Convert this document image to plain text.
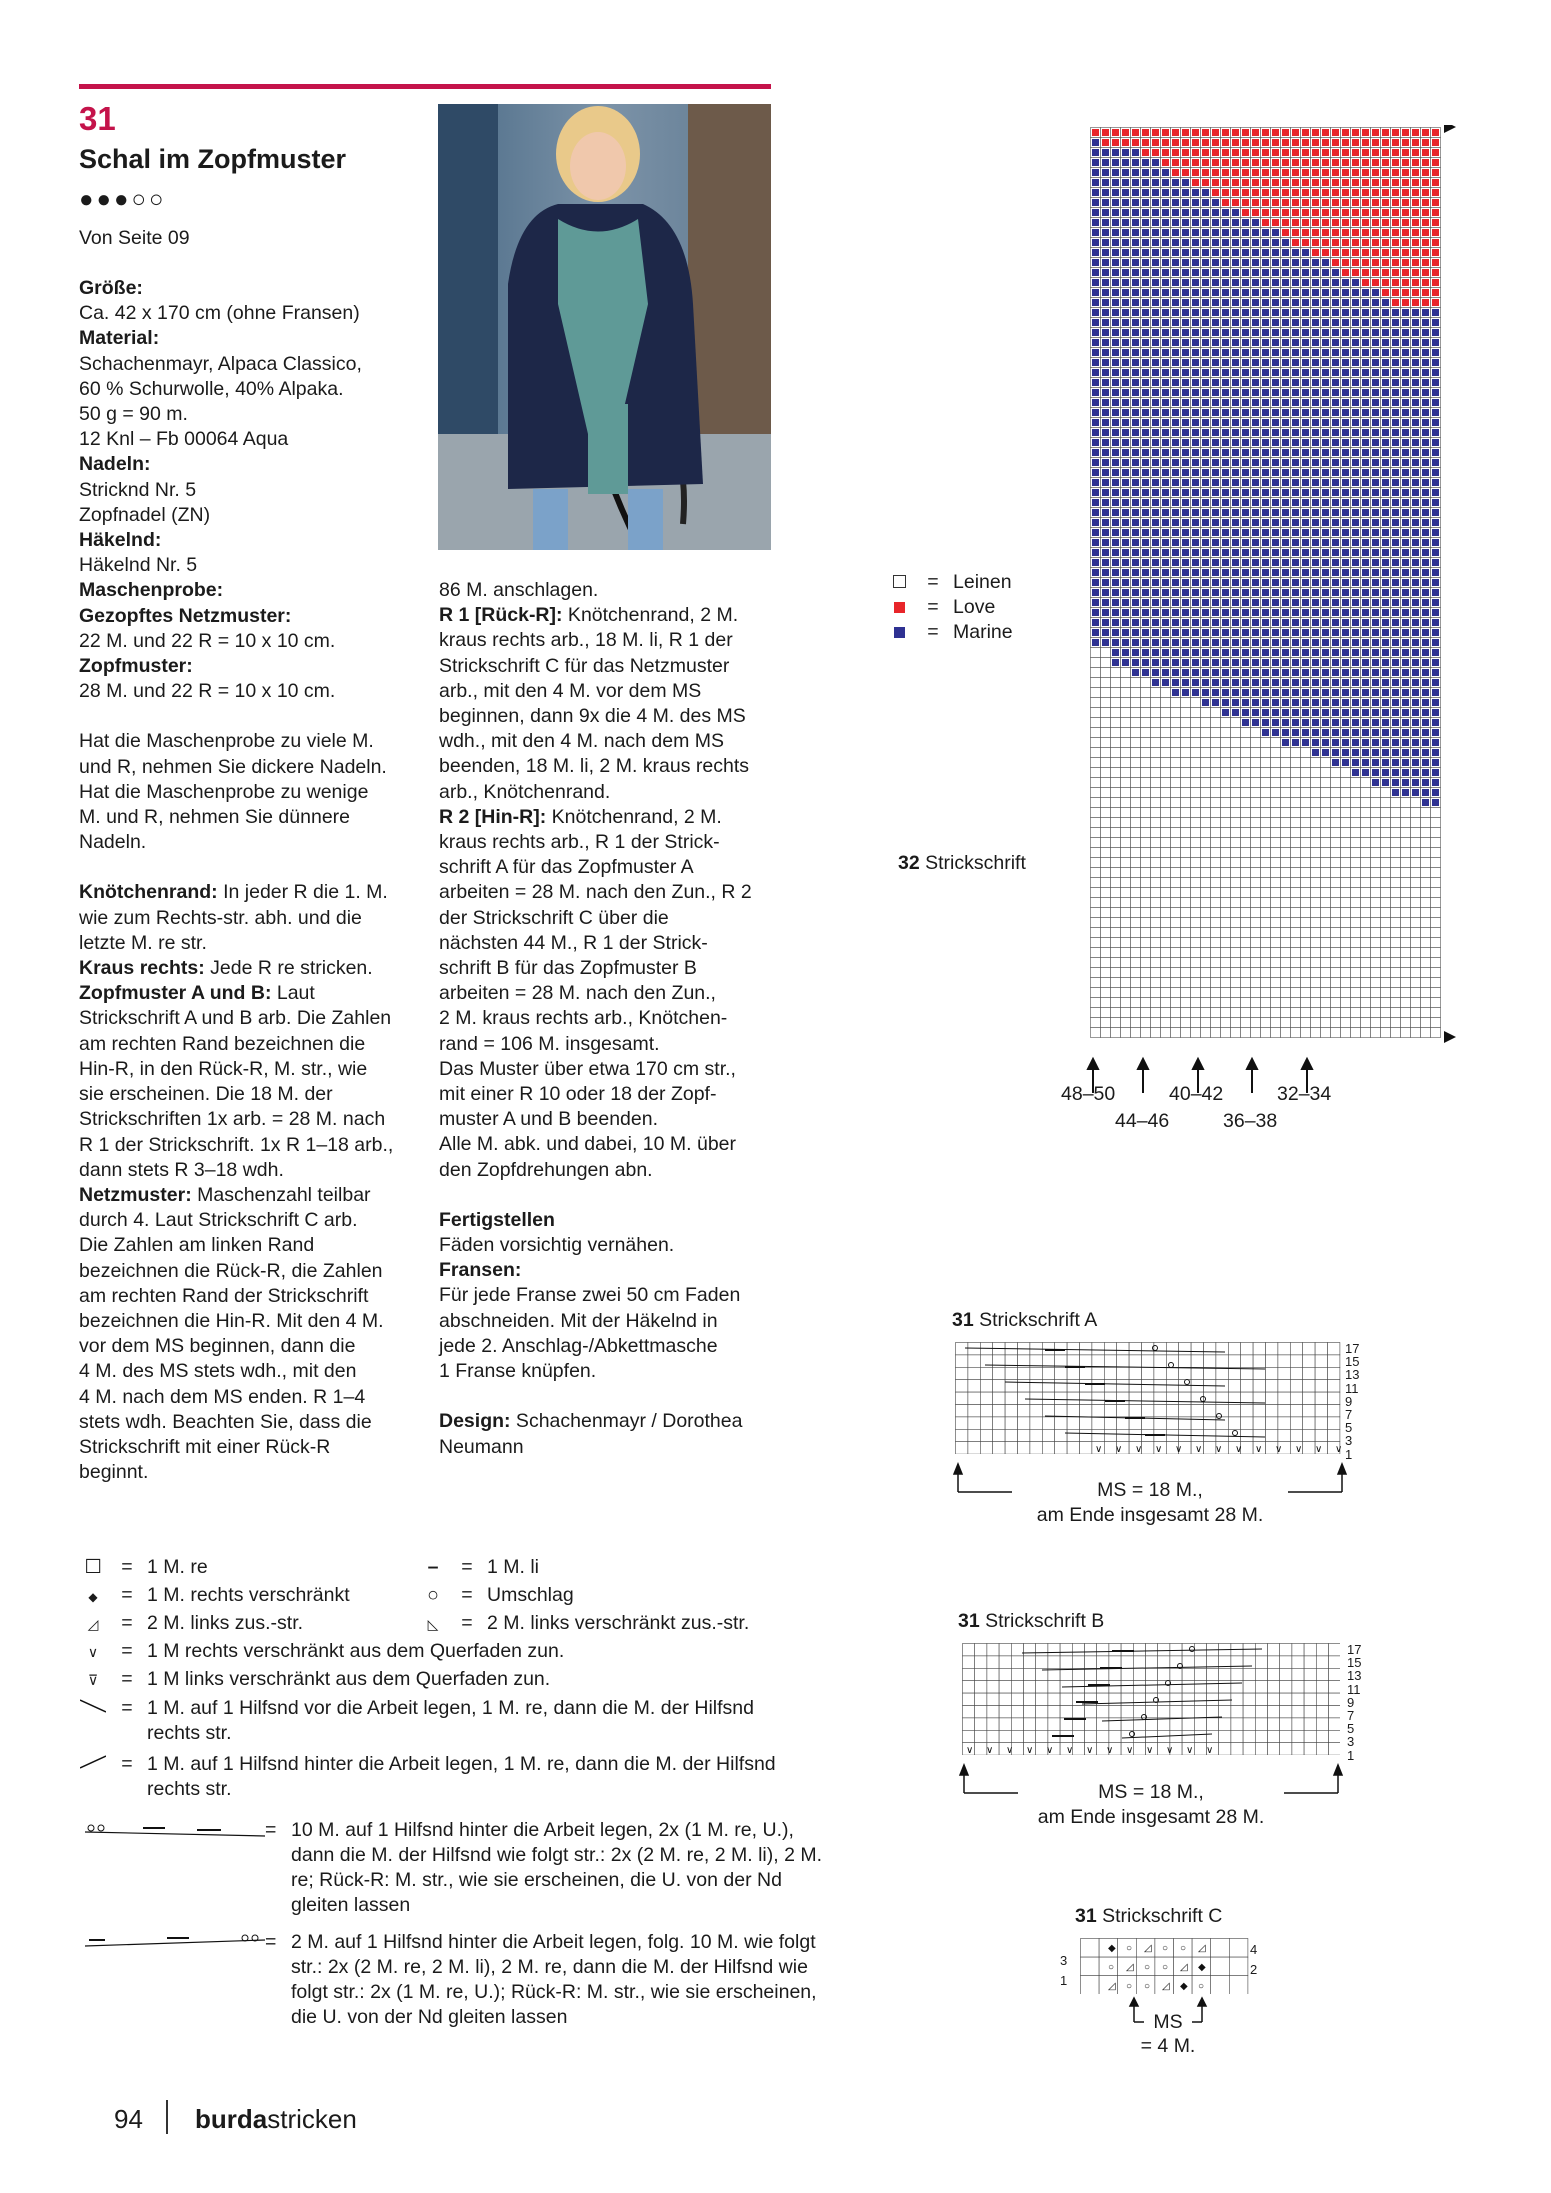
31
Schal im Zopfmuster
●●●○○
Von Seite 09

Größe:

Ca. 42 x 170 cm (ohne Fransen)

Material:

Schachenmayr, Alpaca Classico,

60 % Schurwolle, 40% Alpaka.

50 g = 90 m.

12 Knl – Fb 00064 Aqua

Nadeln:

Stricknd Nr. 5

Zopfnadel (ZN)

Häkelnd:

Häkelnd Nr. 5

Maschenprobe:

Gezopftes Netzmuster:

22 M. und 22 R = 10 x 10 cm.

Zopfmuster:

28 M. und 22 R = 10 x 10 cm.

Hat die Maschenprobe zu viele M.

und R, nehmen Sie dickere Nadeln.

Hat die Maschenprobe zu wenige

M. und R, nehmen Sie dünnere

Nadeln.

Knötchenrand: In jeder R die 1. M.

wie zum Rechts-str. abh. und die

letzte M. re str.

Kraus rechts: Jede R re stricken.

Zopfmuster A und B: Laut

Strickschrift A und B arb. Die Zahlen

am rechten Rand bezeichnen die

Hin-R, in den Rück-R, M. str., wie

sie erscheinen. Die 18 M. der

Strickschriften 1x arb. = 28 M. nach

R 1 der Strickschrift. 1x R 1–18 arb.,

dann stets R 3–18 wdh.

Netzmuster: Maschenzahl teilbar

durch 4. Laut Strickschrift C arb.

Die Zahlen am linken Rand

bezeichnen die Rück-R, die Zahlen

am rechten Rand der Strickschrift

bezeichnen die Hin-R. Mit den 4 M.

vor dem MS beginnen, dann die

4 M. des MS stets wdh., mit den

4 M. nach dem MS enden. R 1–4

stets wdh. Beachten Sie, dass die

Strickschrift mit einer Rück-R

beginnt.

86 M. anschlagen.

R 1 [Rück-R]: Knötchenrand, 2 M.

kraus rechts arb., 18 M. li, R 1 der

Strickschrift C für das Netzmuster

arb., mit den 4 M. vor dem MS

beginnen, dann 9x die 4 M. des MS

wdh., mit den 4 M. nach dem MS

beenden, 18 M. li, 2 M. kraus rechts

arb., Knötchenrand.

R 2 [Hin-R]: Knötchenrand, 2 M.

kraus rechts arb., R 1 der Strick-

schrift A für das Zopfmuster A

arbeiten = 28 M. nach den Zun., R 2

der Strickschrift C über die

nächsten 44 M., R 1 der Strick-

schrift B für das Zopfmuster B

arbeiten = 28 M. nach den Zun.,

2 M. kraus rechts arb., Knötchen-

rand = 106 M. insgesamt.

Das Muster über etwa 170 cm str.,

mit einer R 10 oder 18 der Zopf-

muster A und B beenden.

Alle M. abk. und dabei, 10 M. über

den Zopfdrehungen abn.

Fertigstellen

Fäden vorsichtig vernähen.

Fransen:

Für jede Franse zwei 50 cm Faden

abschneiden. Mit der Häkelnd in

jede 2. Anschlag-/Abkettmasche

1 Franse knüpfen.

Design: Schachenmayr / Dorothea

Neumann

= Leinen
= Love
= Marine
32 Strickschrift
48–50	40–42	32–34
44–46	36–38
31 Strickschrift A
∨ ∨ ∨ ∨ ∨ ∨ ∨ ∨ ∨ ∨ ∨ ∨ ∨
17
15
13
11
9
7
5
3
1
MS = 18 M.,
am Ende insgesamt 28 M.
31 Strickschrift B
∨ ∨ ∨ ∨ ∨ ∨ ∨ ∨ ∨ ∨ ∨ ∨ ∨
17
15
13
11
9
7
5
3
1
MS = 18 M.,
am Ende insgesamt 28 M.
31 Strickschrift C
◆ ○ ◿ ○ ○ ◿
○ ◿ ○ ○ ◿ ◆
◿ ○ ○ ◿ ◆ ○
3
1
4
2
MS
= 4 M.
☐ = 1 M. re	– = 1 M. li
◆ = 1 M. rechts verschränkt	○ = Umschlag
◿ = 2 M. links zus.-str.	◺ = 2 M. links verschränkt zus.-str.
∨ = 1 M rechts verschränkt aus dem Querfaden zun.
⊽ = 1 M links verschränkt aus dem Querfaden zun.
= 1 M. auf 1 Hilfsnd vor die Arbeit legen, 1 M. re, dann die M. der Hilfsnd
rechts str.
= 1 M. auf 1 Hilfsnd hinter die Arbeit legen, 1 M. re, dann die M. der Hilfsnd
rechts str.
= 10 M. auf 1 Hilfsnd hinter die Arbeit legen, 2x (1 M. re, U.),
dann die M. der Hilfsnd wie folgt str.: 2x (2 M. re, 2 M. li), 2 M.
re; Rück-R: M. str., wie sie erscheinen, die U. von der Nd
gleiten lassen
= 2 M. auf 1 Hilfsnd hinter die Arbeit legen, folg. 10 M. wie folgt
str.: 2x (2 M. re, 2 M. li), 2 M. re, dann die M. der Hilfsnd wie
folgt str.: 2x (1 M. re, U.); Rück-R: M. str., wie sie erscheinen,
die U. von der Nd gleiten lassen
94 burdastricken
